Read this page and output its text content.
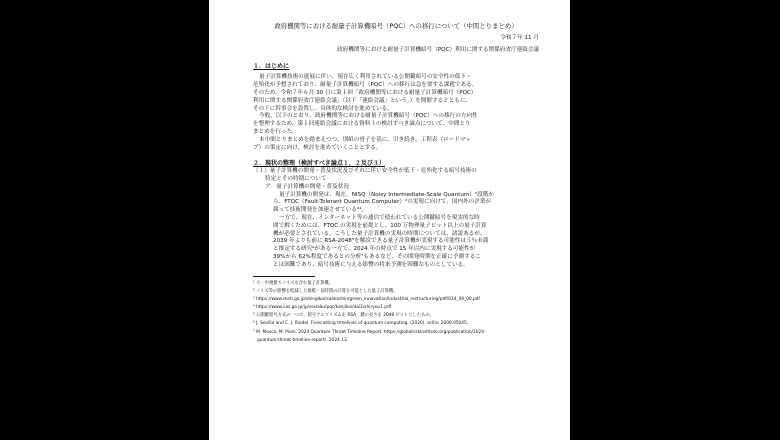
政府機関等における耐量子計算機暗号（PQC）への移行について（中間とりまとめ）
令和７年 11 月
政府機関等における耐量子計算機暗号（PQC）利用に関する関係府省庁連絡会議
１．はじめに
量子計算機技術の進展に伴い、現在広く利用されている公開鍵暗号の安全性の低下・
危殆化が予想されており、耐量子計算機暗号（PQC）への移行は急を要する課題である。
そのため、令和７年６月 30 日に第１回「政府機関等における耐量子計算機暗号（PQC）
利用に関する関係府省庁連絡会議」（以下「連絡会議」という。）を開催するとともに、
その下に幹事会を設置し、具体的な検討を進めている。
今般、以下のとおり、政府機関等における耐量子計算機暗号（PQC）への移行の方向性
を整理するため、第１回連絡会議における資料３の検討すべき論点について、中間とり
まとめを行った。
本中間とりまとめを踏まえつつ、別紙の骨子を基に、引き続き、工程表（ロードマッ
プ）の策定に向け、検討を進めていくこととする。
２．現状の整理（検討すべき論点１，２及び３）
（１）量子計算機の開発・普及状況及びそれに伴い安全性が低下・危殆化する暗号技術の
特定とその時期について
ア　量子計算機の開発・普及状況
量子計算機の開発は、現在、NISQ（Noisy Intermediate-Scale Quantum）¹段階か
ら、FTQC（Fault-Tolerant Quantum Computer）²の実現に向けて、国内外の企業が
競って技術開発を加速させている³⁴。
一方で、現在、インターネット等の通信で使われている公開鍵暗号を現実的な時
間で解くためには、FTQC の実現を前提とし、100 万物理量子ビット以上の量子計算
機が必要とされている。こうした量子計算機の実現の時期については、諸説あるが、
2039 年よりも前に RSA-2048⁵を解読できる量子計算機が実現する可能性は５％未満
と推定する研究⁶がある一方で、2024 年の時点で 15 年以内に実現する可能性が
39%から 62%程度であるとの分析⁷もあるなど、その開発時期を正確に予測するこ
とは困難であり、暗号技術に与える影響の将来予測を困難なものとしている。
¹ 小・中規模でノイズを含む量子計算機。
² ノイズ等の影響を低減し大規模・長時間の計算を可能とした量子計算機。
³ https://www.meti.go.jp/shingikai/sankoshin/green_innovation/industrial_restructuring/pdf/034_09_00.pdf
⁴ https://www.cas.go.jp/jp/seisaku/pqc/kanjikai/dai2/shiryou1.pdf
⁵ 公開鍵暗号方式の一つで、暗号アルゴリズムを RSA、鍵の長さを 2048 ビットとしたもの。
⁶ J. Sevilla and C. J. Riedel. Forecasting timelines of quantum computing. (2020). arXiv: 2009.05045.
⁷ M. Mosca, M. Piani. 2024 Quantum Threat Timeline Report. https://globalriskinstitute.org/publication/2024-
quantum-threat-timeline-report/. 2024-12.
